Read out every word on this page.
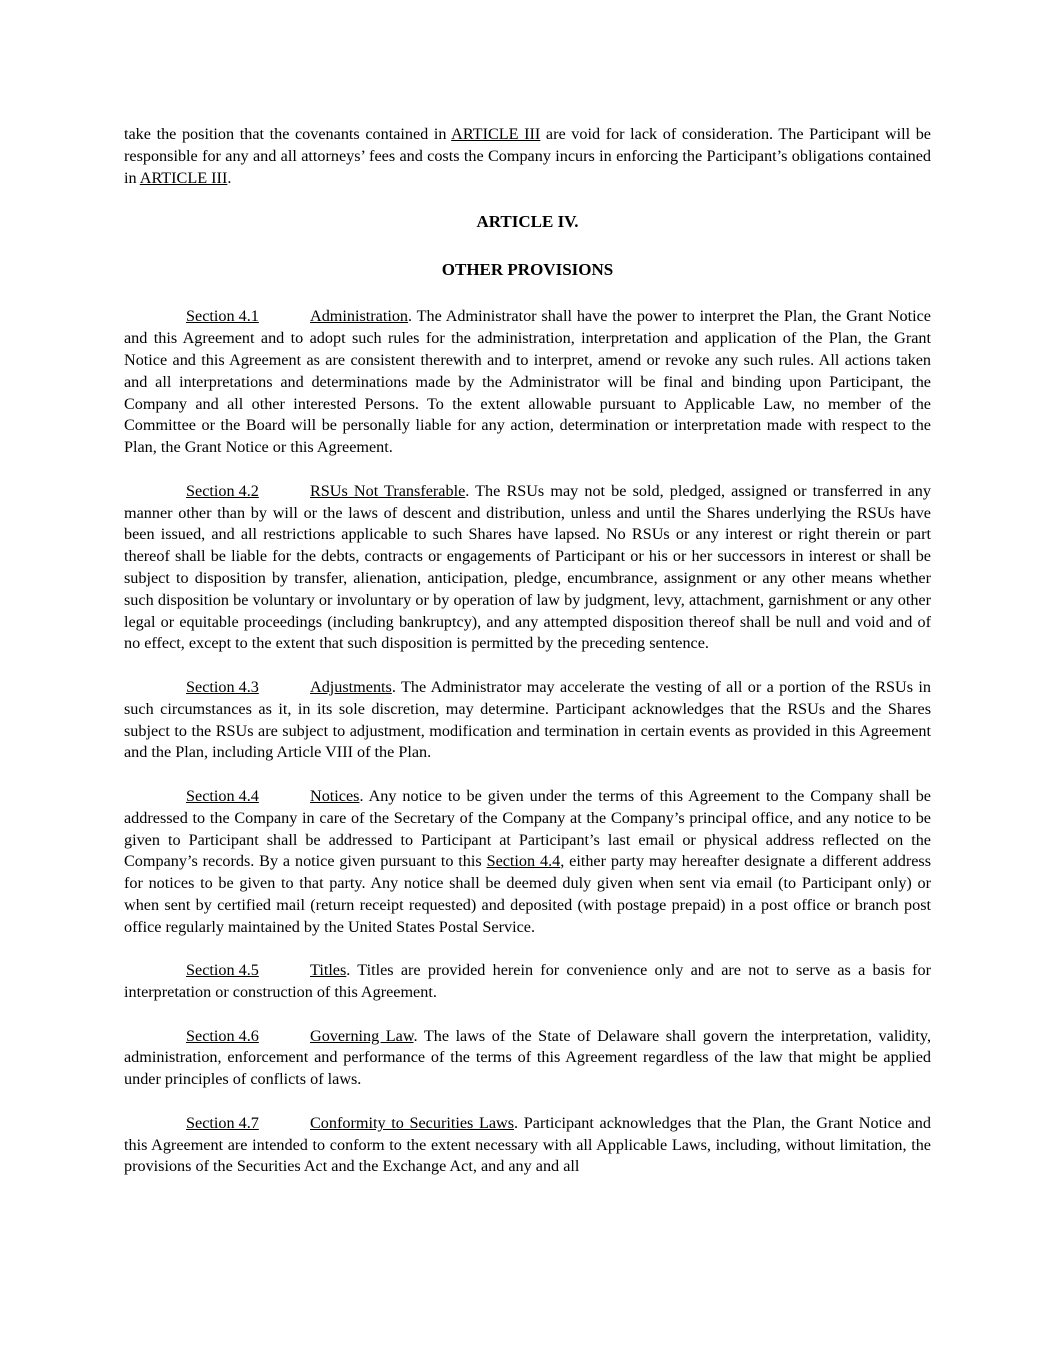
take the position that the covenants contained in ARTICLE III are void for lack of consideration. The Participant will be responsible for any and all attorneys’ fees and costs the Company incurs in enforcing the Participant’s obligations contained in ARTICLE III.

ARTICLE IV.

OTHER PROVISIONS

Section 4.1	Administration. The Administrator shall have the power to interpret the Plan, the Grant Notice and this Agreement and to adopt such rules for the administration, interpretation and application of the Plan, the Grant Notice and this Agreement as are consistent therewith and to interpret, amend or revoke any such rules. All actions taken and all interpretations and determinations made by the Administrator will be final and binding upon Participant, the Company and all other interested Persons. To the extent allowable pursuant to Applicable Law, no member of the Committee or the Board will be personally liable for any action, determination or interpretation made with respect to the Plan, the Grant Notice or this Agreement.

Section 4.2	RSUs Not Transferable. The RSUs may not be sold, pledged, assigned or transferred in any manner other than by will or the laws of descent and distribution, unless and until the Shares underlying the RSUs have been issued, and all restrictions applicable to such Shares have lapsed. No RSUs or any interest or right therein or part thereof shall be liable for the debts, contracts or engagements of Participant or his or her successors in interest or shall be subject to disposition by transfer, alienation, anticipation, pledge, encumbrance, assignment or any other means whether such disposition be voluntary or involuntary or by operation of law by judgment, levy, attachment, garnishment or any other legal or equitable proceedings (including bankruptcy), and any attempted disposition thereof shall be null and void and of no effect, except to the extent that such disposition is permitted by the preceding sentence.

Section 4.3	Adjustments. The Administrator may accelerate the vesting of all or a portion of the RSUs in such circumstances as it, in its sole discretion, may determine. Participant acknowledges that the RSUs and the Shares subject to the RSUs are subject to adjustment, modification and termination in certain events as provided in this Agreement and the Plan, including Article VIII of the Plan.

Section 4.4	Notices. Any notice to be given under the terms of this Agreement to the Company shall be addressed to the Company in care of the Secretary of the Company at the Company’s principal office, and any notice to be given to Participant shall be addressed to Participant at Participant’s last email or physical address reflected on the Company’s records. By a notice given pursuant to this Section 4.4, either party may hereafter designate a different address for notices to be given to that party. Any notice shall be deemed duly given when sent via email (to Participant only) or when sent by certified mail (return receipt requested) and deposited (with postage prepaid) in a post office or branch post office regularly maintained by the United States Postal Service.

Section 4.5	Titles. Titles are provided herein for convenience only and are not to serve as a basis for interpretation or construction of this Agreement.

Section 4.6	Governing Law. The laws of the State of Delaware shall govern the interpretation, validity, administration, enforcement and performance of the terms of this Agreement regardless of the law that might be applied under principles of conflicts of laws.

Section 4.7	Conformity to Securities Laws. Participant acknowledges that the Plan, the Grant Notice and this Agreement are intended to conform to the extent necessary with all Applicable Laws, including, without limitation, the provisions of the Securities Act and the Exchange Act, and any and all
